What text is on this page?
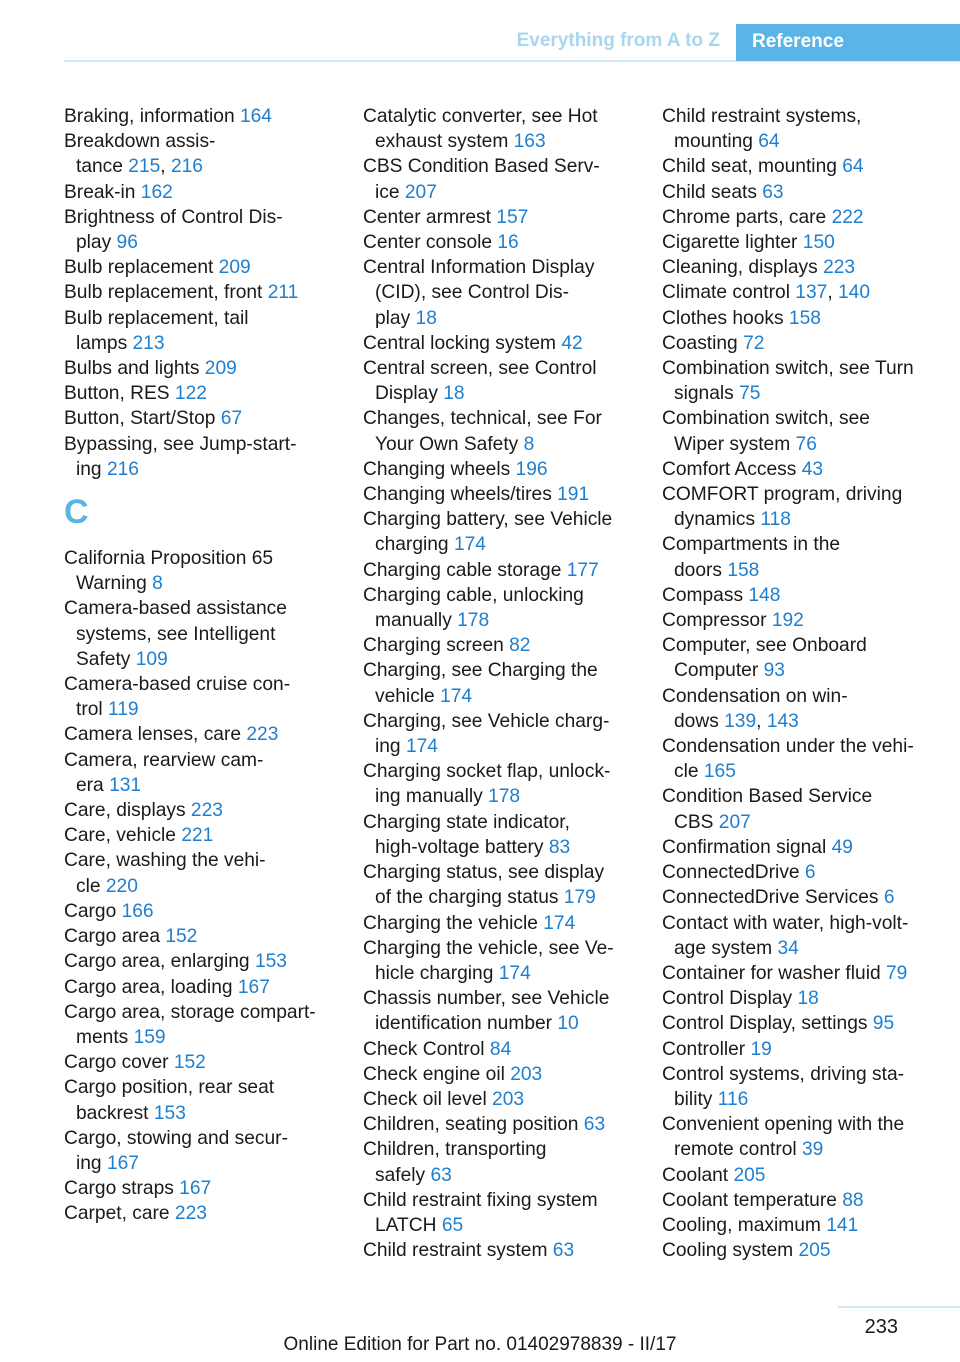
Everything from A to Z	Reference
Braking, information 164
Breakdown assis-
tance 215, 216
Break-in 162
Brightness of Control Dis-
play 96
Bulb replacement 209
Bulb replacement, front 211
Bulb replacement, tail
lamps 213
Bulbs and lights 209
Button, RES 122
Button, Start/Stop 67
Bypassing, see Jump-start-
ing 216
C
California Proposition 65
Warning 8
Camera-based assistance
systems, see Intelligent
Safety 109
Camera-based cruise con-
trol 119
Camera lenses, care 223
Camera, rearview cam-
era 131
Care, displays 223
Care, vehicle 221
Care, washing the vehi-
cle 220
Cargo 166
Cargo area 152
Cargo area, enlarging 153
Cargo area, loading 167
Cargo area, storage compart-
ments 159
Cargo cover 152
Cargo position, rear seat
backrest 153
Cargo, stowing and secur-
ing 167
Cargo straps 167
Carpet, care 223
Catalytic converter, see Hot
exhaust system 163
CBS Condition Based Serv-
ice 207
Center armrest 157
Center console 16
Central Information Display
(CID), see Control Dis-
play 18
Central locking system 42
Central screen, see Control
Display 18
Changes, technical, see For
Your Own Safety 8
Changing wheels 196
Changing wheels/tires 191
Charging battery, see Vehicle
charging 174
Charging cable storage 177
Charging cable, unlocking
manually 178
Charging screen 82
Charging, see Charging the
vehicle 174
Charging, see Vehicle charg-
ing 174
Charging socket flap, unlock-
ing manually 178
Charging state indicator,
high-voltage battery 83
Charging status, see display
of the charging status 179
Charging the vehicle 174
Charging the vehicle, see Ve-
hicle charging 174
Chassis number, see Vehicle
identification number 10
Check Control 84
Check engine oil 203
Check oil level 203
Children, seating position 63
Children, transporting
safely 63
Child restraint fixing system
LATCH 65
Child restraint system 63
Child restraint systems,
mounting 64
Child seat, mounting 64
Child seats 63
Chrome parts, care 222
Cigarette lighter 150
Cleaning, displays 223
Climate control 137, 140
Clothes hooks 158
Coasting 72
Combination switch, see Turn
signals 75
Combination switch, see
Wiper system 76
Comfort Access 43
COMFORT program, driving
dynamics 118
Compartments in the
doors 158
Compass 148
Compressor 192
Computer, see Onboard
Computer 93
Condensation on win-
dows 139, 143
Condensation under the vehi-
cle 165
Condition Based Service
CBS 207
Confirmation signal 49
ConnectedDrive 6
ConnectedDrive Services 6
Contact with water, high-volt-
age system 34
Container for washer fluid 79
Control Display 18
Control Display, settings 95
Controller 19
Control systems, driving sta-
bility 116
Convenient opening with the
remote control 39
Coolant 205
Coolant temperature 88
Cooling, maximum 141
Cooling system 205
233
Online Edition for Part no. 01402978839 - II/17
